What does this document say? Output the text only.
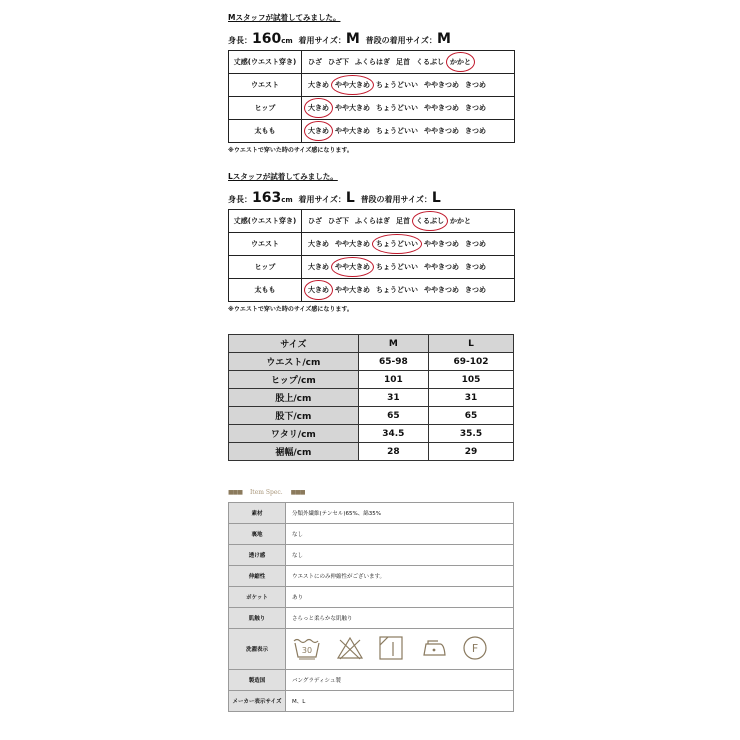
Mスタッフが試着してみました。
身長：160cm 着用サイズ：M 普段の着用サイズ：M
丈感(ウエスト穿き)	ひざ ひざ下 ふくらはぎ 足首 くるぶし かかと
ウエスト	大きめ やや大きめ ちょうどいい ややきつめ きつめ
ヒップ	大きめ やや大きめ ちょうどいい ややきつめ きつめ
太もも	大きめ やや大きめ ちょうどいい ややきつめ きつめ
※ウエストで穿いた時のサイズ感になります。
Lスタッフが試着してみました。
身長：163cm 着用サイズ：L 普段の着用サイズ：L
丈感(ウエスト穿き)	ひざ ひざ下 ふくらはぎ 足首 くるぶし かかと
ウエスト	大きめ やや大きめ ちょうどいい ややきつめ きつめ
ヒップ	大きめ やや大きめ ちょうどいい ややきつめ きつめ
太もも	大きめ やや大きめ ちょうどいい ややきつめ きつめ
※ウエストで穿いた時のサイズ感になります。
サイズ	M	L
ウエスト/cm	65-98	69-102
ヒップ/cm	101	105
股上/cm	31	31
股下/cm	65	65
ワタリ/cm	34.5	35.5
裾幅/cm	28	29
■■■ Item Spec. ■■■
素材	分類外繊維(テンセル)65%、綿35%
裏地	なし
透け感	なし
伸縮性	ウエストにのみ伸縮性がございます。
ポケット	あり
肌触り	さらっと柔らかな肌触り
洗濯表示	30 F

製造国	バングラディシュ製
メーカー表示サイズ	M、L
